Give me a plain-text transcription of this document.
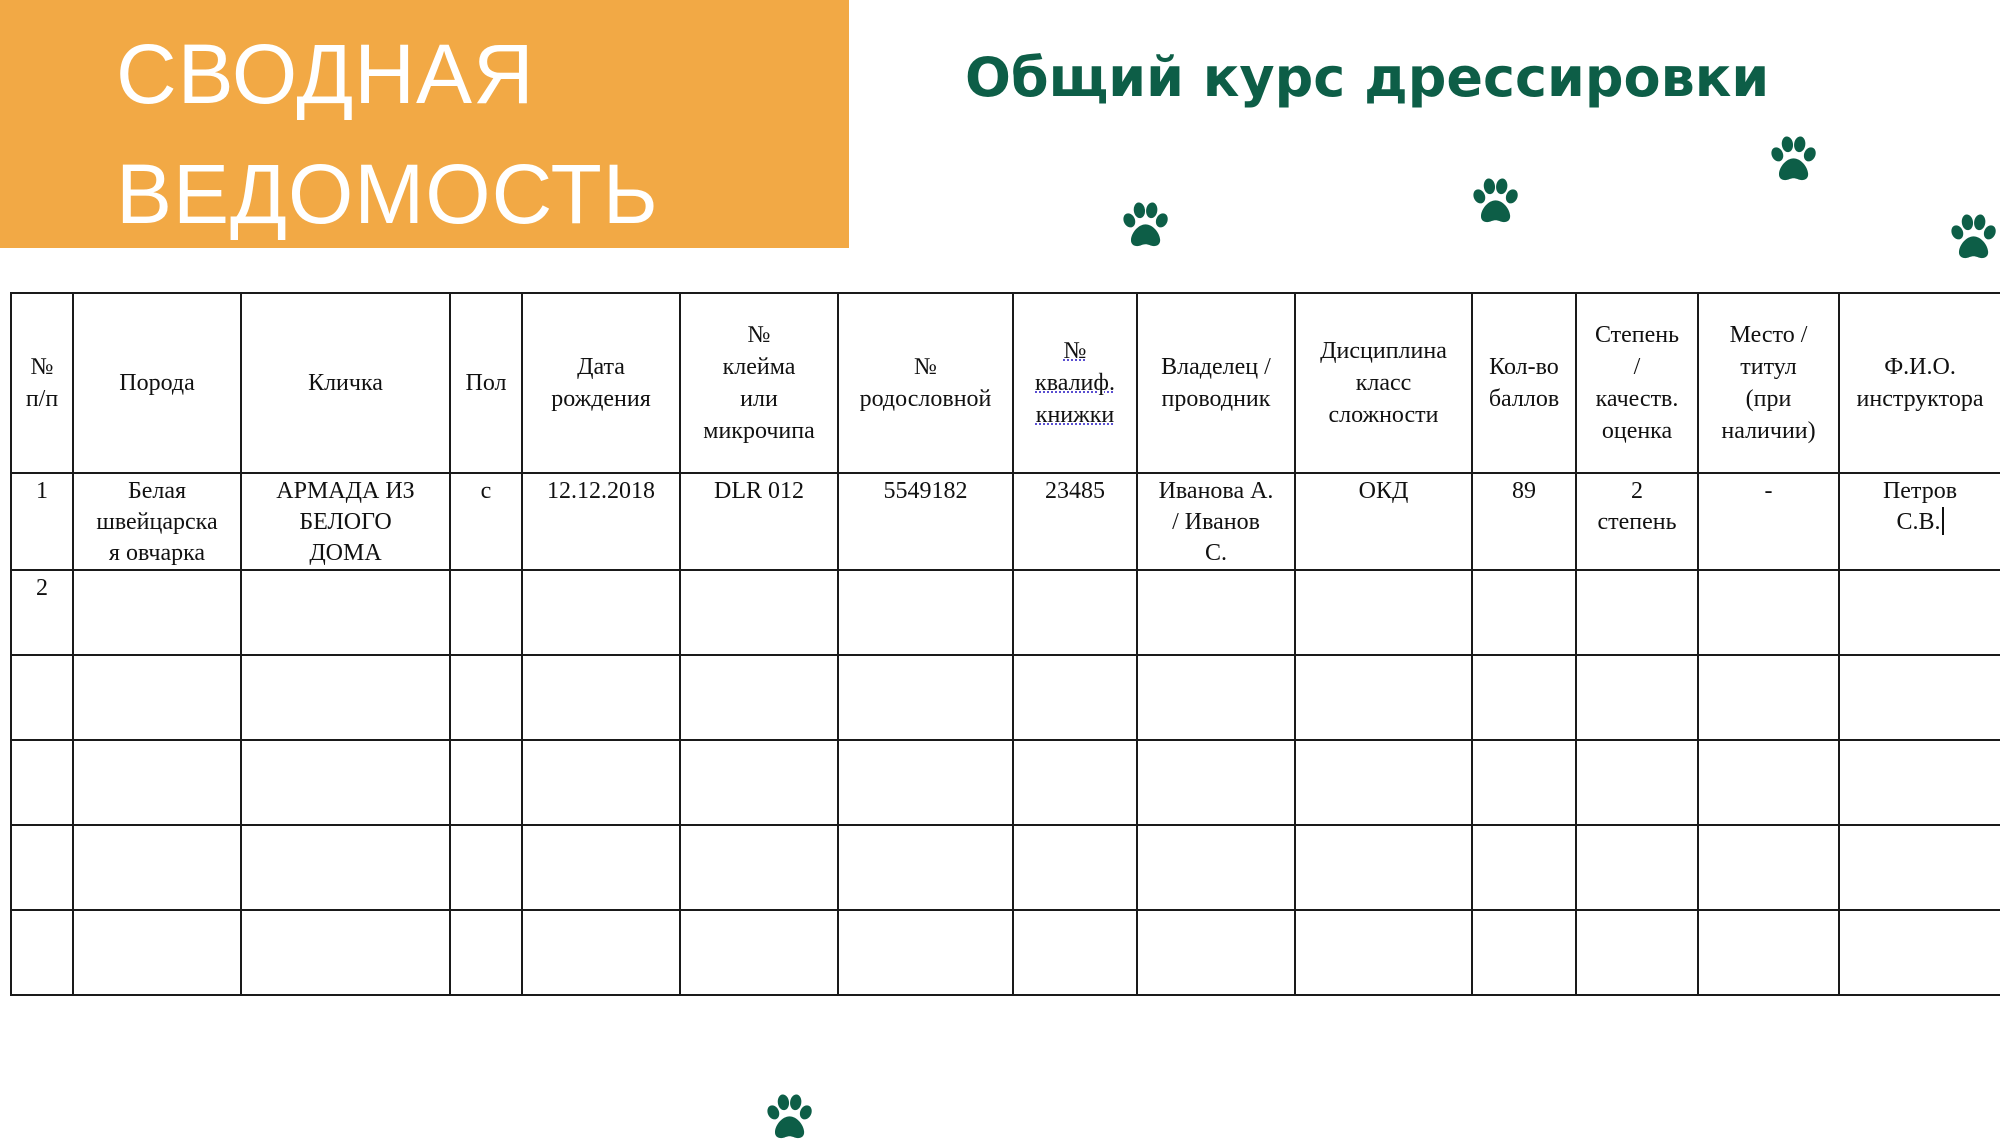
СВОДНАЯ
ВЕДОМОСТЬ
Общий курс дрессировки
№
п/п	Порода	Кличка	Пол	Дата
рождения	№
клейма
или
микрочипа	№
родословной	№
квалиф.
книжки	Владелец /
проводник	Дисциплина
класс
сложности	Кол-во
баллов	Степень
/
качеств.
оценка	Место /
титул
(при
наличии)	Ф.И.О.
инструктора
1	Белая
швейцарска
я овчарка	АРМАДА ИЗ
БЕЛОГО
ДОМА	с	12.12.2018	DLR 012	5549182	23485	Иванова А.
/ Иванов
С.	ОКД	89	2
степень	-	Петров
С.В.
2													
